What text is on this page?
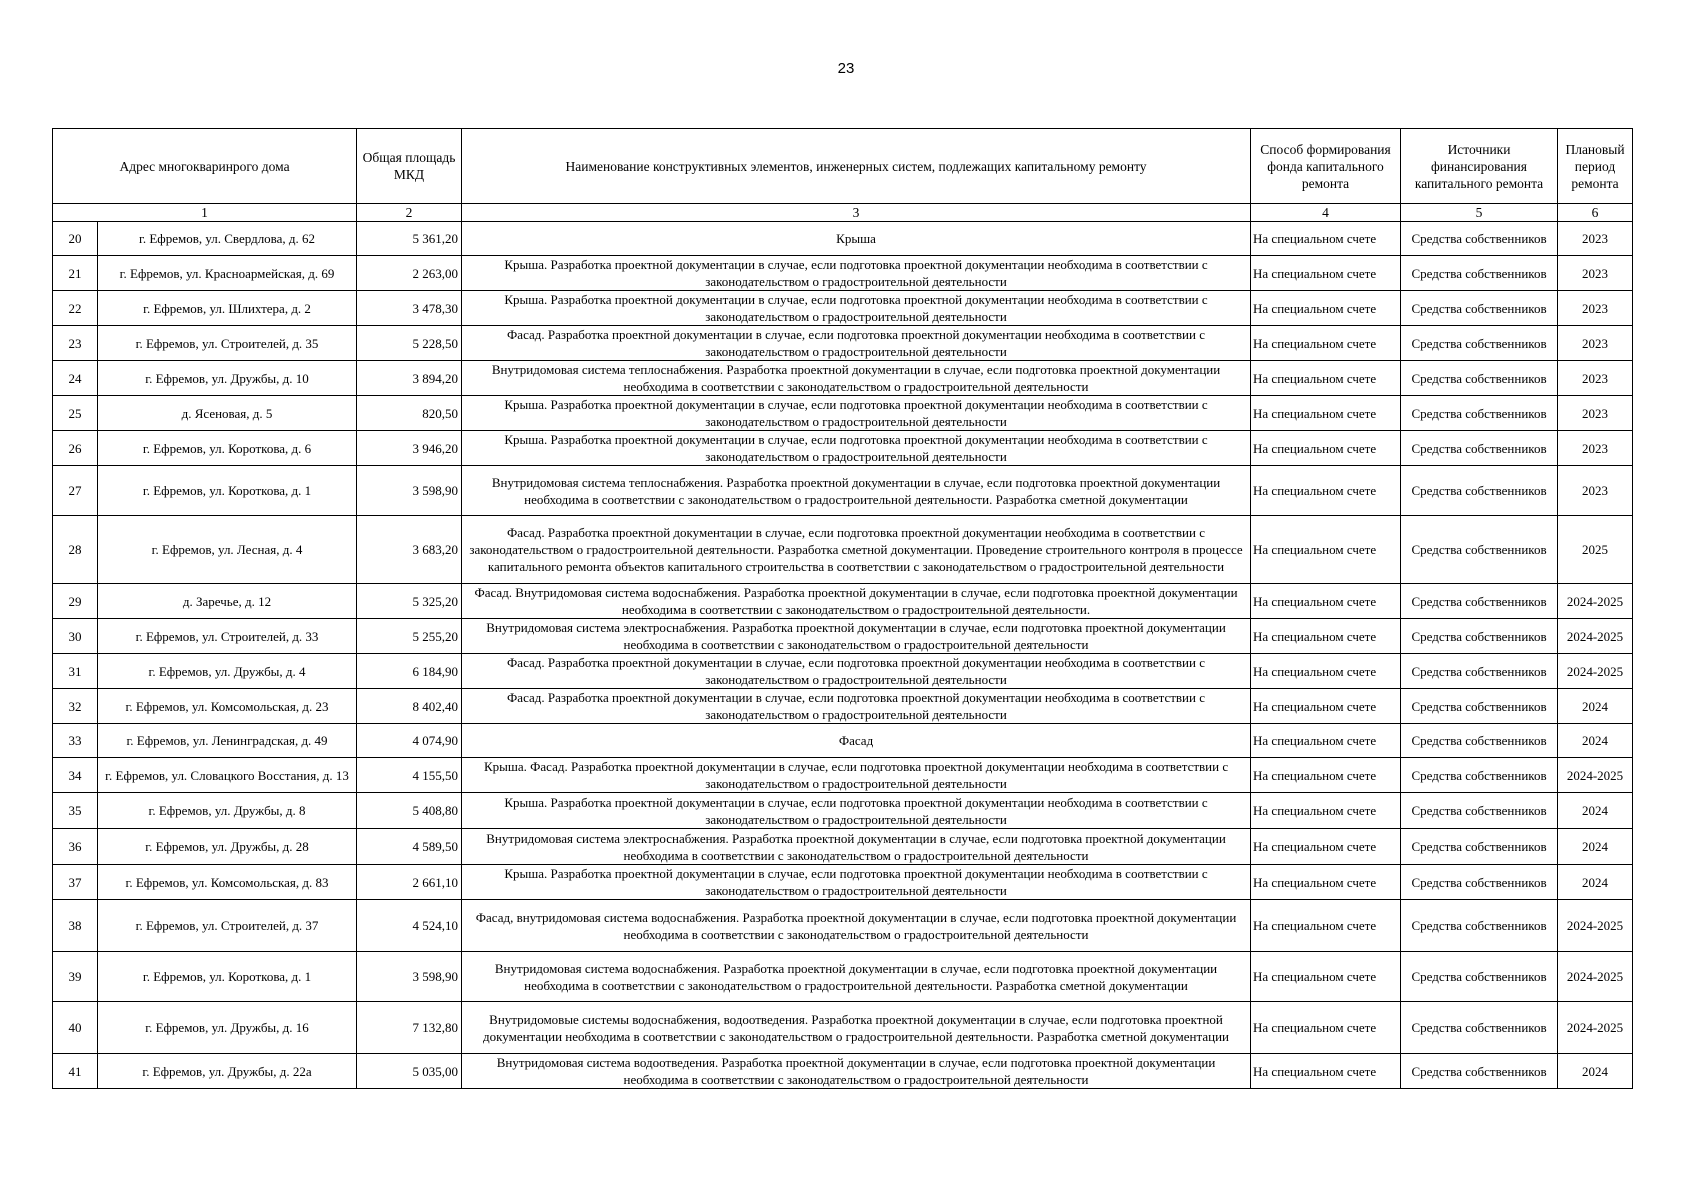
23
Адрес многокваринрого дома		Общая площадь МКД	Наименование конструктивных элементов, инженерных систем, подлежащих капитальному ремонту	Способ формирования фонда капитального ремонта	Источники финансирования капитального ремонта	Плановый период ремонта
1		2	3	4	5	6
20	г. Ефремов, ул. Свердлова, д. 62	5 361,20	Крыша	На специальном счете	Средства собственников	2023
21	г. Ефремов, ул. Красноармейская, д. 69	2 263,00	Крыша. Разработка проектной документации в случае, если подготовка проектной документации необходима в соответствии с законодательством о градостроительной деятельности	На специальном счете	Средства собственников	2023
22	г. Ефремов, ул. Шлихтера, д. 2	3 478,30	Крыша. Разработка проектной документации в случае, если подготовка проектной документации необходима в соответствии с законодательством о градостроительной деятельности	На специальном счете	Средства собственников	2023
23	г. Ефремов, ул. Строителей, д. 35	5 228,50	Фасад. Разработка проектной документации в случае, если подготовка проектной документации необходима в соответствии с законодательством о градостроительной деятельности	На специальном счете	Средства собственников	2023
24	г. Ефремов, ул. Дружбы, д. 10	3 894,20	Внутридомовая система теплоснабжения. Разработка проектной документации в случае, если подготовка проектной документации необходима в соответствии с законодательством о градостроительной деятельности	На специальном счете	Средства собственников	2023
25	д. Ясеновая, д. 5	820,50	Крыша. Разработка проектной документации в случае, если подготовка проектной документации необходима в соответствии с законодательством о градостроительной деятельности	На специальном счете	Средства собственников	2023
26	г. Ефремов, ул. Короткова, д. 6	3 946,20	Крыша. Разработка проектной документации в случае, если подготовка проектной документации необходима в соответствии с законодательством о градостроительной деятельности	На специальном счете	Средства собственников	2023
27	г. Ефремов, ул. Короткова, д. 1	3 598,90	Внутридомовая система теплоснабжения. Разработка проектной документации в случае, если подготовка проектной документации необходима в соответствии с законодательством о градостроительной деятельности. Разработка сметной документации	На специальном счете	Средства собственников	2023
28	г. Ефремов, ул. Лесная, д. 4	3 683,20	Фасад. Разработка проектной документации в случае, если подготовка проектной документации необходима в соответствии с законодательством о градостроительной деятельности. Разработка сметной документации. Проведение строительного контроля в процессе капитального ремонта объектов капитального строительства в соответствии с законодательством о градостроительной деятельности	На специальном счете	Средства собственников	2025
29	д. Заречье, д. 12	5 325,20	Фасад. Внутридомовая система водоснабжения. Разработка проектной документации в случае, если подготовка проектной документации необходима в соответствии с законодательством о градостроительной деятельности.	На специальном счете	Средства собственников	2024-2025
30	г. Ефремов, ул. Строителей, д. 33	5 255,20	Внутридомовая система электроснабжения. Разработка проектной документации в случае, если подготовка проектной документации необходима в соответствии с законодательством о градостроительной деятельности	На специальном счете	Средства собственников	2024-2025
31	г. Ефремов, ул. Дружбы, д. 4	6 184,90	Фасад. Разработка проектной документации в случае, если подготовка проектной документации необходима в соответствии с законодательством о градостроительной деятельности	На специальном счете	Средства собственников	2024-2025
32	г. Ефремов, ул. Комсомольская, д. 23	8 402,40	Фасад. Разработка проектной документации в случае, если подготовка проектной документации необходима в соответствии с законодательством о градостроительной деятельности	На специальном счете	Средства собственников	2024
33	г. Ефремов, ул. Ленинградская, д. 49	4 074,90	Фасад	На специальном счете	Средства собственников	2024
34	г. Ефремов, ул. Словацкого Восстания, д. 13	4 155,50	Крыша. Фасад. Разработка проектной документации в случае, если подготовка проектной документации необходима в соответствии с законодательством о градостроительной деятельности	На специальном счете	Средства собственников	2024-2025
35	г. Ефремов, ул. Дружбы, д. 8	5 408,80	Крыша. Разработка проектной документации в случае, если подготовка проектной документации необходима в соответствии с законодательством о градостроительной деятельности	На специальном счете	Средства собственников	2024
36	г. Ефремов, ул. Дружбы, д. 28	4 589,50	Внутридомовая система электроснабжения. Разработка проектной документации в случае, если подготовка проектной документации необходима в соответствии с законодательством о градостроительной деятельности	На специальном счете	Средства собственников	2024
37	г. Ефремов, ул. Комсомольская, д. 83	2 661,10	Крыша. Разработка проектной документации в случае, если подготовка проектной документации необходима в соответствии с законодательством о градостроительной деятельности	На специальном счете	Средства собственников	2024
38	г. Ефремов, ул. Строителей, д. 37	4 524,10	Фасад, внутридомовая система водоснабжения. Разработка проектной документации в случае, если подготовка проектной документации необходима в соответствии с законодательством о градостроительной деятельности	На специальном счете	Средства собственников	2024-2025
39	г. Ефремов, ул. Короткова, д. 1	3 598,90	Внутридомовая система водоснабжения. Разработка проектной документации в случае, если подготовка проектной документации необходима в соответствии с законодательством о градостроительной деятельности. Разработка сметной документации	На специальном счете	Средства собственников	2024-2025
40	г. Ефремов, ул. Дружбы, д. 16	7 132,80	Внутридомовые системы водоснабжения, водоотведения. Разработка проектной документации в случае, если подготовка проектной документации необходима в соответствии с законодательством о градостроительной деятельности. Разработка сметной документации	На специальном счете	Средства собственников	2024-2025
41	г. Ефремов, ул. Дружбы, д. 22а	5 035,00	Внутридомовая система водоотведения. Разработка проектной документации в случае, если подготовка проектной документации необходима в соответствии с законодательством о градостроительной деятельности	На специальном счете	Средства собственников	2024
